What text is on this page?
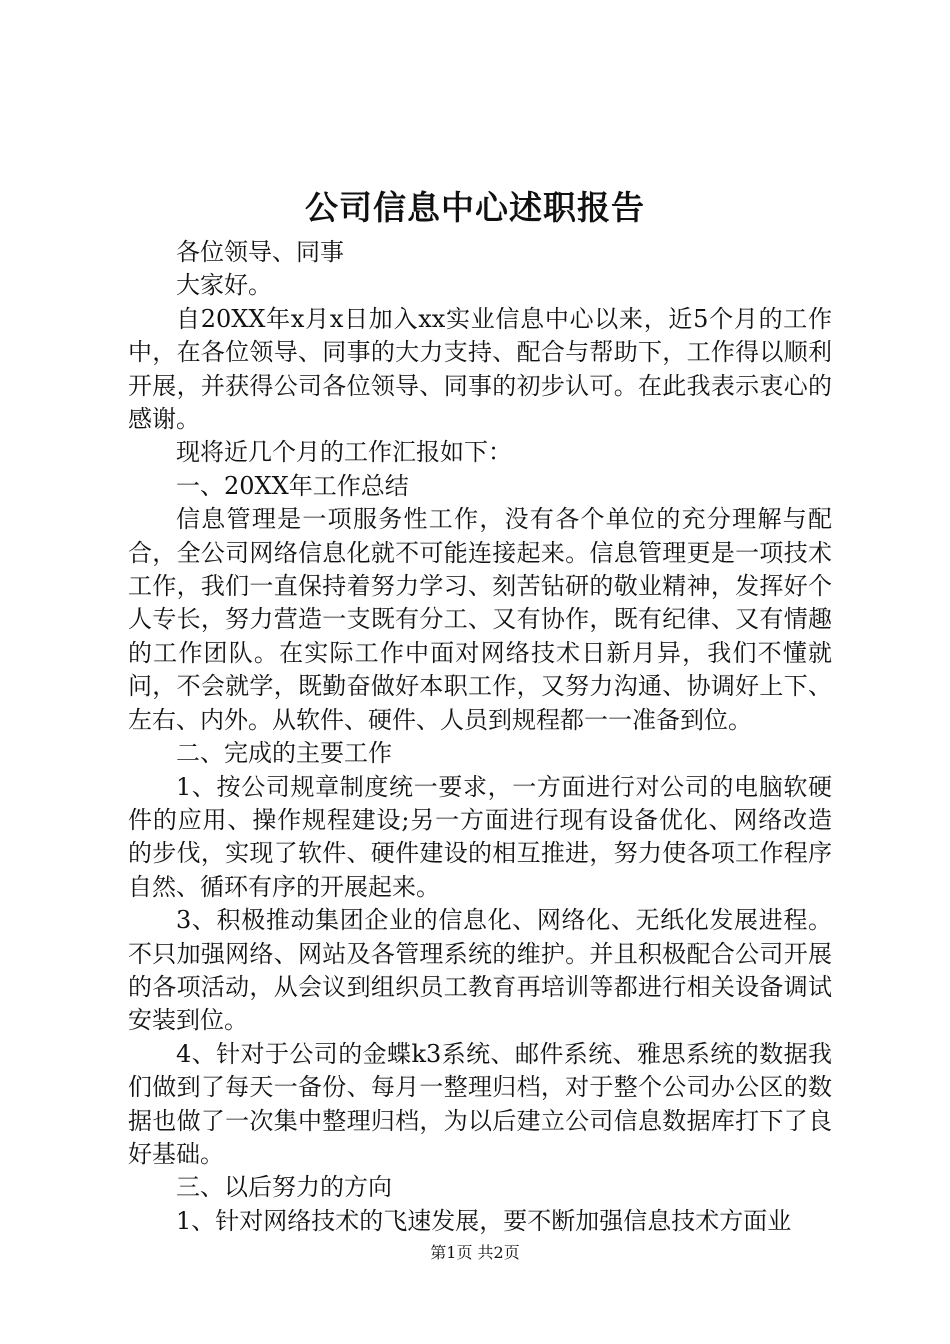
公司信息中心述职报告

各位领导、同事

大家好。

自20XX年x月x日加入xx实业信息中心以来，近5个月的工作中，在各位领导、同事的大力支持、配合与帮助下，工作得以顺利开展，并获得公司各位领导、同事的初步认可。在此我表示衷心的感谢。

现将近几个月的工作汇报如下：

一、20XX年工作总结

信息管理是一项服务性工作，没有各个单位的充分理解与配合，全公司网络信息化就不可能连接起来。信息管理更是一项技术工作，我们一直保持着努力学习、刻苦钻研的敬业精神，发挥好个人专长，努力营造一支既有分工、又有协作，既有纪律、又有情趣的工作团队。在实际工作中面对网络技术日新月异，我们不懂就问，不会就学，既勤奋做好本职工作，又努力沟通、协调好上下、左右、内外。从软件、硬件、人员到规程都一一准备到位。

二、完成的主要工作

1、按公司规章制度统一要求，一方面进行对公司的电脑软硬件的应用、操作规程建设;另一方面进行现有设备优化、网络改造的步伐，实现了软件、硬件建设的相互推进，努力使各项工作程序自然、循环有序的开展起来。

3、积极推动集团企业的信息化、网络化、无纸化发展进程。不只加强网络、网站及各管理系统的维护。并且积极配合公司开展的各项活动，从会议到组织员工教育再培训等都进行相关设备调试安装到位。

4、针对于公司的金蝶k3系统、邮件系统、雅思系统的数据我们做到了每天一备份、每月一整理归档，对于整个公司办公区的数据也做了一次集中整理归档，为以后建立公司信息数据库打下了良好基础。

三、以后努力的方向

1、针对网络技术的飞速发展，要不断加强信息技术方面业

第1页 共2页
